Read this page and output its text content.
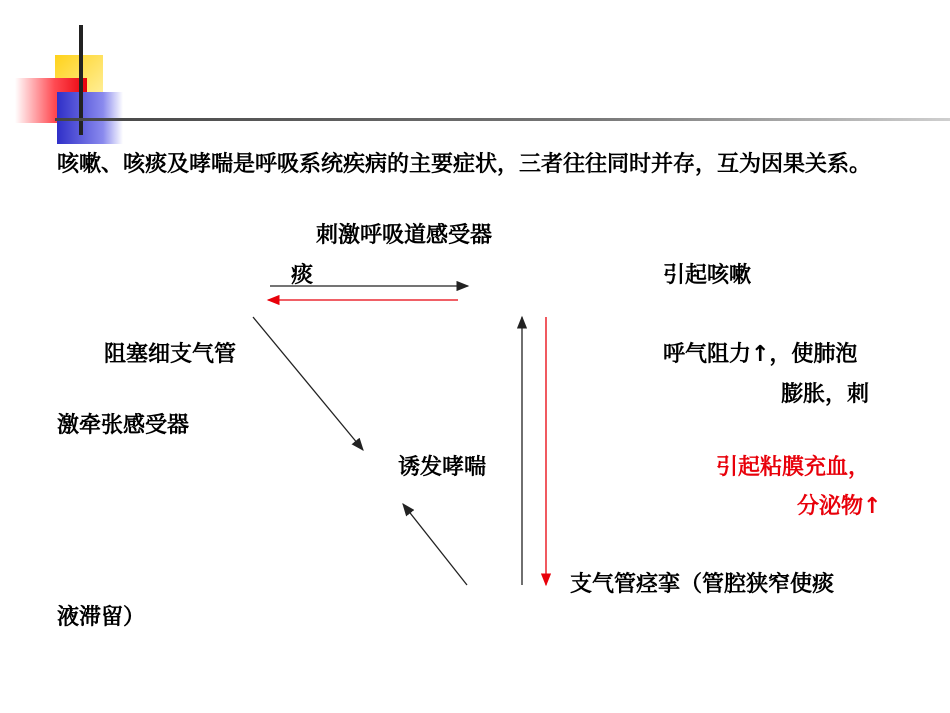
咳嗽、咳痰及哮喘是呼吸系统疾病的主要症状，三者往往同时并存，互为因果关系。
刺激呼吸道感受器
痰	引起咳嗽
阻塞细支气管	呼气阻力↑，使肺泡
膨胀，刺
激牵张感受器
诱发哮喘	引起粘膜充血，
分泌物↑
支气管痉挛（管腔狭窄使痰
液滞留）
